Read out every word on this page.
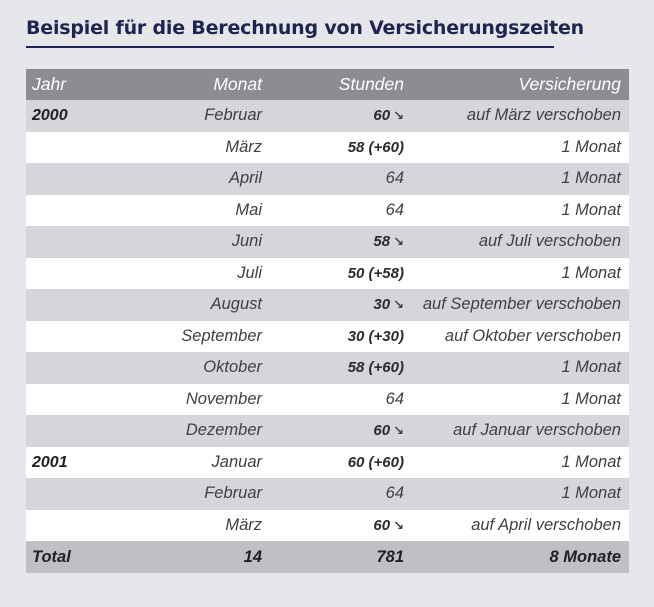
Beispiel für die Berechnung von Versicherungszeiten
Jahr	Monat	Stunden	Versicherung
2000	Februar	60 ↘	auf März verschoben
	März	58 (+60)	1 Monat
	April	64	1 Monat
	Mai	64	1 Monat
	Juni	58 ↘	auf Juli verschoben
	Juli	50 (+58)	1 Monat
	August	30 ↘	auf September verschoben
	September	30 (+30)	auf Oktober verschoben
	Oktober	58 (+60)	1 Monat
	November	64	1 Monat
	Dezember	60 ↘	auf Januar verschoben
2001	Januar	60 (+60)	1 Monat
	Februar	64	1 Monat
	März	60 ↘	auf April verschoben
Total	14	781	8 Monate
